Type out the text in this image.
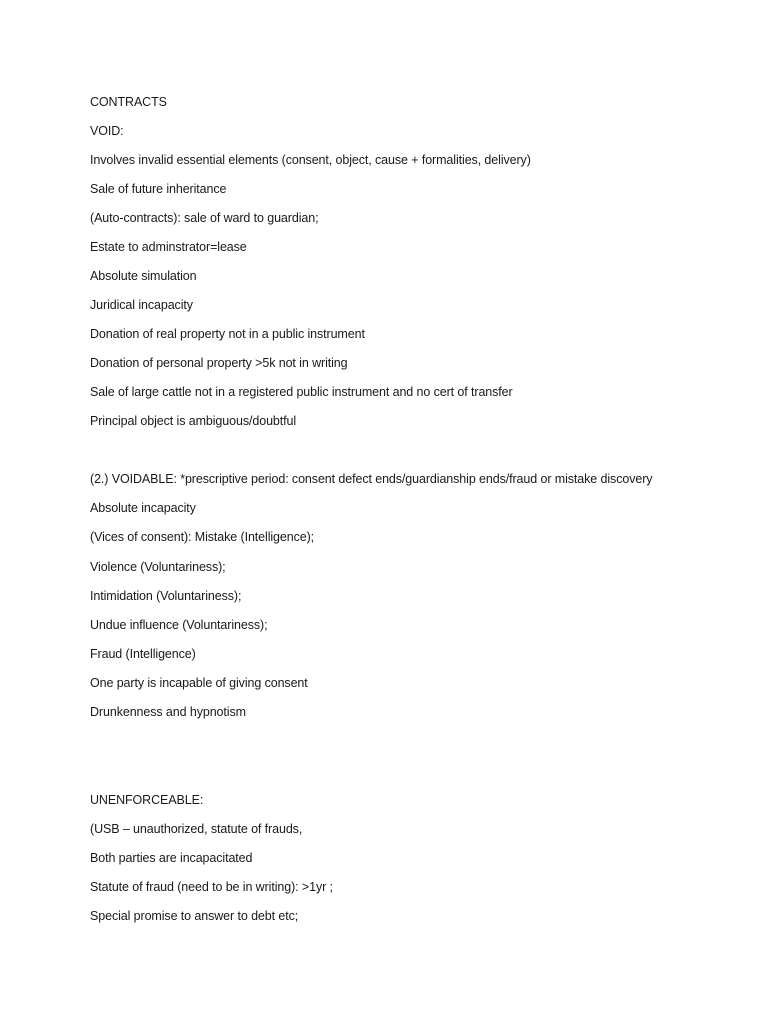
CONTRACTS
VOID:
Involves invalid essential elements (consent, object, cause + formalities, delivery)
Sale of future inheritance
(Auto-contracts): sale of ward to guardian;
Estate to adminstrator=lease
Absolute simulation
Juridical incapacity
Donation of real property not in a public instrument
Donation of personal property >5k not in writing
Sale of large cattle not in a registered public instrument and no cert of transfer
Principal object is ambiguous/doubtful
(2.) VOIDABLE: *prescriptive period: consent defect ends/guardianship ends/fraud or mistake discovery
Absolute incapacity
(Vices of consent): Mistake (Intelligence);
Violence (Voluntariness);
Intimidation (Voluntariness);
Undue influence (Voluntariness);
Fraud (Intelligence)
One party is incapable of giving consent
Drunkenness and hypnotism
UNENFORCEABLE:
(USB – unauthorized, statute of frauds,
Both parties are incapacitated
Statute of fraud (need to be in writing): >1yr ;
Special promise to answer to debt etc;
